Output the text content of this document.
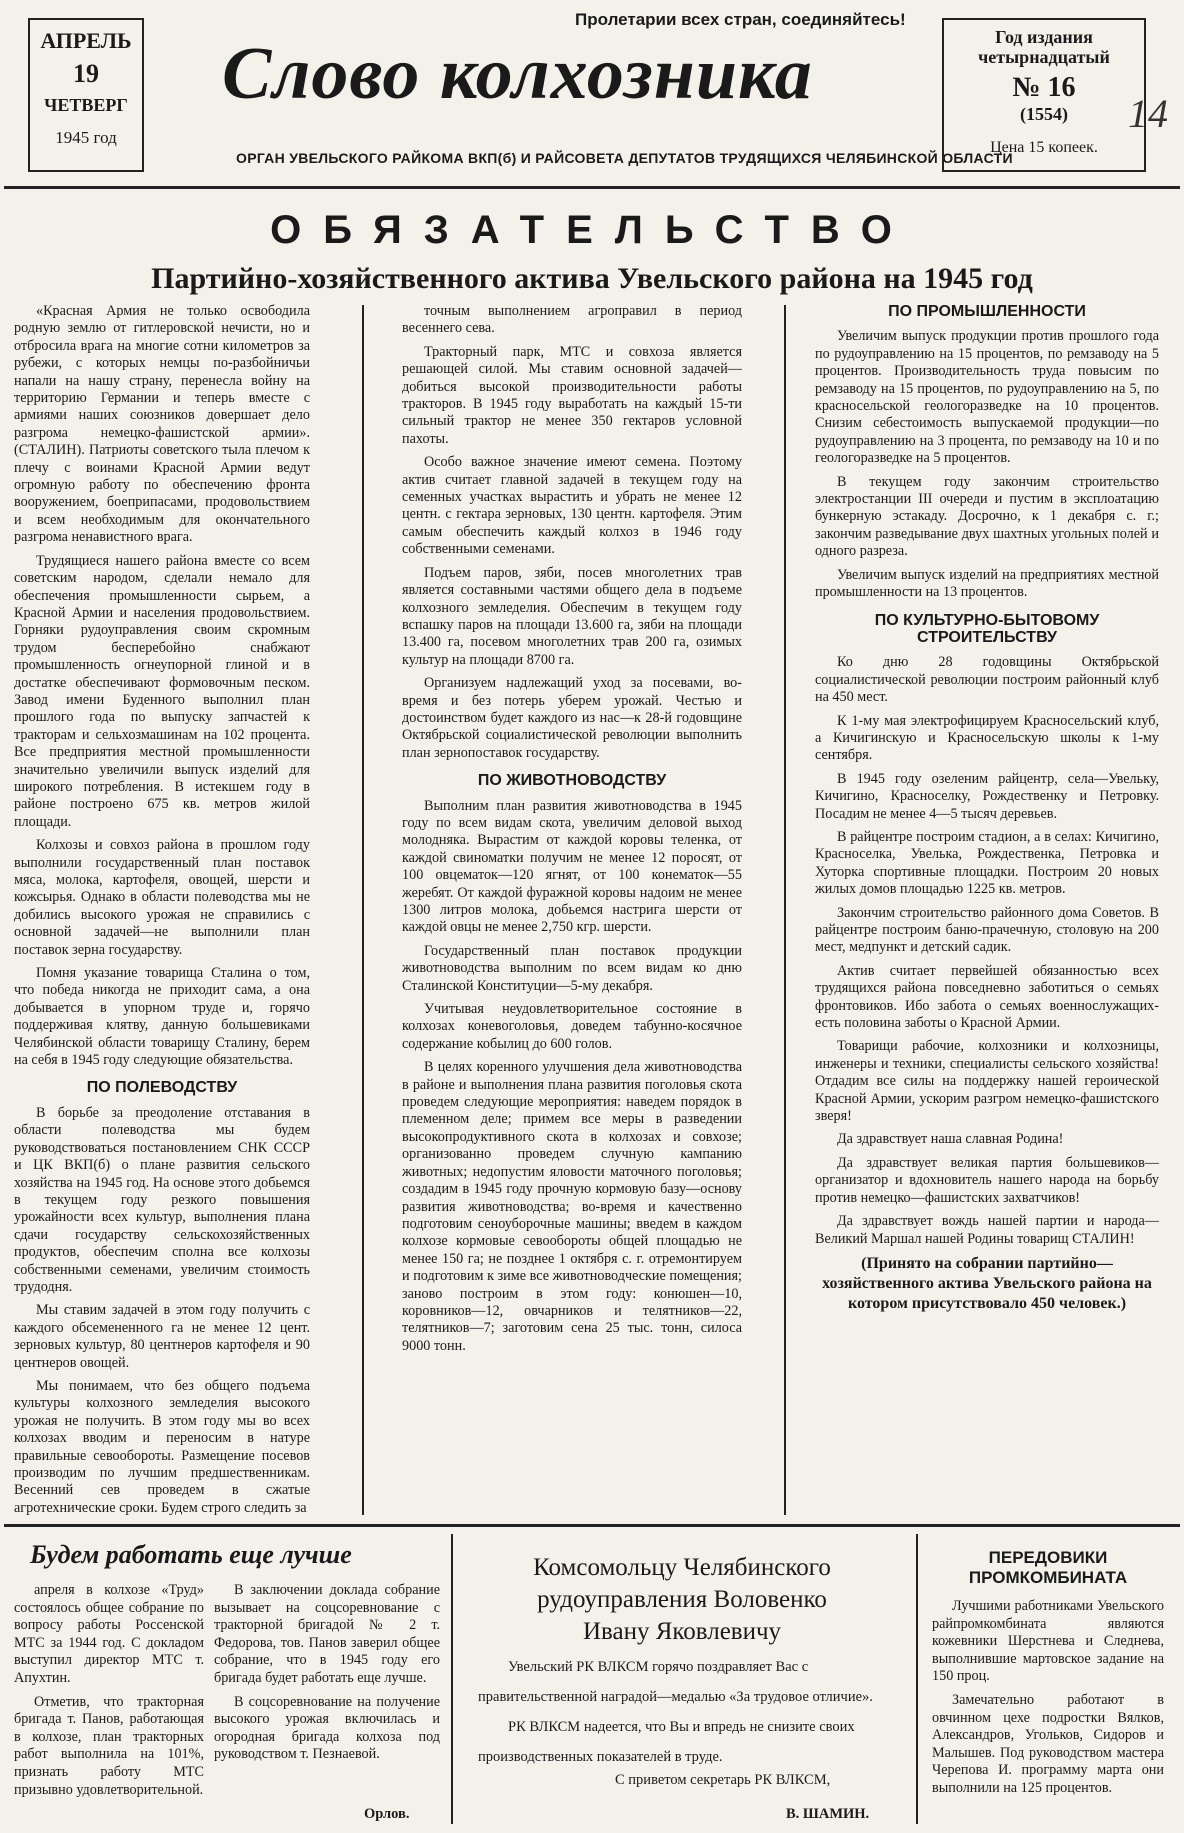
АПРЕЛЬ
19
ЧЕТВЕРГ
1945 год
Пролетарии всех стран, соединяйтесь!
Слово колхозника
ОРГАН УВЕЛЬСКОГО РАЙКОМА ВКП(б) И РАЙСОВЕТА ДЕПУТАТОВ ТРУДЯЩИХСЯ ЧЕЛЯБИНСКОЙ ОБЛАСТИ
Год издания четырнадцатый
№ 16
(1554)
Цена 15 копеек.
14
ОБЯЗАТЕЛЬСТВО
Партийно-хозяйственного актива Увельского района на 1945 год

«Красная Армия не только освободила родную землю от гитлеровской нечисти, но и отбросила врага на многие сотни километров за рубежи, с которых немцы по-разбойничьи напали на нашу страну, перенесла войну на территорию Германии и теперь вместе с армиями наших союзников довершает дело разгрома немецко-фашистской армии». (СТАЛИН). Патриоты советского тыла плечом к плечу с воинами Красной Армии ведут огромную работу по обеспечению фронта вооружением, боеприпасами, продовольствием и всем необходимым для окончательного разгрома ненавистного врага.

Трудящиеся нашего района вместе со всем советским народом, сделали немало для обеспечения промышленности сырьем, а Красной Армии и населения продовольствием. Горняки рудоуправления своим скромным трудом бесперебойно снабжают промышленность огнеупорной глиной и в достатке обеспечивают формовочным песком. Завод имени Буденного выполнил план прошлого года по выпуску запчастей к тракторам и сельхозмашинам на 102 процента. Все предприятия местной промышленности значительно увеличили выпуск изделий для широкого потребления. В истекшем году в районе построено 675 кв. метров жилой площади.

Колхозы и совхоз района в прошлом году выполнили государственный план поставок мяса, молока, картофеля, овощей, шерсти и кожсырья. Однако в области полеводства мы не добились высокого урожая не справились с основной задачей—не выполнили план поставок зерна государству.

Помня указание товарища Сталина о том, что победа никогда не приходит сама, а она добывается в упорном труде и, горячо поддерживая клятву, данную большевиками Челябинской области товарищу Сталину, берем на себя в 1945 году следующие обязательства.

ПО ПОЛЕВОДСТВУ

В борьбе за преодоление отставания в области полеводства мы будем руководствоваться постановлением СНК СССР и ЦК ВКП(б) о плане развития сельского хозяйства на 1945 год. На основе этого добьемся в текущем году резкого повышения урожайности всех культур, выполнения плана сдачи государству сельскохозяйственных продуктов, обеспечим сполна все колхозы собственными семенами, увеличим стоимость трудодня.

Мы ставим задачей в этом году получить с каждого обсемененного га не менее 12 цент. зерновых культур, 80 центнеров картофеля и 90 центнеров овощей.

Мы понимаем, что без общего подъема культуры колхозного земледелия высокого урожая не получить. В этом году мы во всех колхозах вводим и переносим в натуре правильные севообороты. Размещение посевов производим по лучшим предшественникам. Весенний сев проведем в сжатые агротехнические сроки. Будем строго следить за

точным выполнением агроправил в период весеннего сева.

Тракторный парк, МТС и совхоза является решающей силой. Мы ставим основной задачей—добиться высокой производительности работы тракторов. В 1945 году выработать на каждый 15-ти сильный трактор не менее 350 гектаров условной пахоты.

Особо важное значение имеют семена. Поэтому актив считает главной задачей в текущем году на семенных участках вырастить и убрать не менее 12 центн. с гектара зерновых, 130 центн. картофеля. Этим самым обеспечить каждый колхоз в 1946 году собственными семенами.

Подъем паров, зяби, посев многолетних трав является составными частями общего дела в подъеме колхозного земледелия. Обеспечим в текущем году вспашку паров на площади 13.600 га, зяби на площади 13.400 га, посевом многолетних трав 200 га, озимых культур на площади 8700 га.

Организуем надлежащий уход за посевами, во-время и без потерь уберем урожай. Честью и достоинством будет каждого из нас—к 28-й годовщине Октябрьской социалистической революции выполнить план зернопоставок государству.

ПО ЖИВОТНОВОДСТВУ

Выполним план развития животноводства в 1945 году по всем видам скота, увеличим деловой выход молодняка. Вырастим от каждой коровы теленка, от каждой свиноматки получим не менее 12 поросят, от 100 овцематок—120 ягнят, от 100 конематок—55 жеребят. От каждой фуражной коровы надоим не менее 1300 литров молока, добьемся настрига шерсти от каждой овцы не менее 2,750 кгр. шерсти.

Государственный план поставок продукции животноводства выполним по всем видам ко дню Сталинской Конституции—5-му декабря.

Учитывая неудовлетворительное состояние в колхозах коневоголовья, доведем табунно-косячное содержание кобылиц до 600 голов.

В целях коренного улучшения дела животноводства в районе и выполнения плана развития поголовья скота проведем следующие мероприятия: наведем порядок в племенном деле; примем все меры в разведении высокопродуктивного скота в колхозах и совхозе; организованно проведем случную кампанию животных; недопустим яловости маточного поголовья; создадим в 1945 году прочную кормовую базу—основу развития животноводства; во-время и качественно подготовим сеноуборочные машины; введем в каждом колхозе кормовые севообороты общей площадью не менее 150 га; не позднее 1 октября с. г. отремонтируем и подготовим к зиме все животноводческие помещения; заново построим в этом году: конюшен—10, коровников—12, овчарников и телятников—22, телятников—7; заготовим сена 25 тыс. тонн, силоса 9000 тонн.

ПО ПРОМЫШЛЕННОСТИ

Увеличим выпуск продукции против прошлого года по рудоуправлению на 15 процентов, по ремзаводу на 5 процентов. Производительность труда повысим по ремзаводу на 15 процентов, по рудоуправлению на 5, по красносельской геологоразведке на 10 процентов. Снизим себестоимость выпускаемой продукции—по рудоуправлению на 3 процента, по ремзаводу на 10 и по геологоразведке на 5 процентов.

В текущем году закончим строительство электростанции III очереди и пустим в эксплоатацию бункерную эстакаду. Досрочно, к 1 декабря с. г.; закончим разведывание двух шахтных угольных полей и одного разреза.

Увеличим выпуск изделий на предприятиях местной промышленности на 13 процентов.

ПО КУЛЬТУРНО-БЫТОВОМУ СТРОИТЕЛЬСТВУ

Ко дню 28 годовщины Октябрьской социалистической революции построим районный клуб на 450 мест.

К 1-му мая электрофицируем Красносельский клуб, а Кичигинскую и Красносельскую школы к 1-му сентября.

В 1945 году озеленим райцентр, села—Увельку, Кичигино, Красноселку, Рождественку и Петровку. Посадим не менее 4—5 тысяч деревьев.

В райцентре построим стадион, а в селах: Кичигино, Красноселка, Увелька, Рождественка, Петровка и Хуторка спортивные площадки. Построим 20 новых жилых домов площадью 1225 кв. метров.

Закончим строительство районного дома Советов. В райцентре построим баню-прачечную, столовую на 200 мест, медпункт и детский садик.

Актив считает первейшей обязанностью всех трудящихся района повседневно заботиться о семьях фронтовиков. Ибо забота о семьях военнослужащих-есть половина заботы о Красной Армии.

Товарищи рабочие, колхозники и колхозницы, инженеры и техники, специалисты сельского хозяйства! Отдадим все силы на поддержку нашей героической Красной Армии, ускорим разгром немецко-фашистского зверя!

Да здравствует наша славная Родина!

Да здравствует великая партия большевиков—организатор и вдохновитель нашего народа на борьбу против немецко—фашистских захватчиков!

Да здравствует вождь нашей партии и народа—Великий Маршал нашей Родины товарищ СТАЛИН!

(Принято на собрании партийно—хозяйственного актива Увельского района на котором присутствовало 450 человек.)
Будем работать еще лучше

апреля в колхозе «Труд» состоялось общее собрание по вопросу работы Россенской МТС за 1944 год. С докладом выступил директор МТС т. Апухтин.

Отметив, что тракторная бригада т. Панов, работающая в колхозе, план тракторных работ выполнила на 101%, признать работу МТС призывно удовлетворительной.

В заключении доклада собрание вызывает на соцсоревнование с тракторной бригадой № 2 т. Федорова, тов. Панов заверил общее собрание, что в 1945 году его бригада будет работать еще лучше.

В соцсоревнование на получение высокого урожая включилась и огородная бригада колхоза под руководством т. Пезнаевой.

Орлов.
Комсомольцу Челябинского
рудоуправления Воловенко
Ивану Яковлевичу

Увельский РК ВЛКСМ горячо поздравляет Вас с правительственной наградой—медалью «За трудовое отличие».

РК ВЛКСМ надеется, что Вы и впредь не снизите своих производственных показателей в труде.

С приветом секретарь РК ВЛКСМ,
В. ШАМИН.
ПЕРЕДОВИКИ
ПРОМКОМБИНАТА

Лучшими работниками Увельского райпромкомбината являются кожевники Шерстнева и Следнева, выполнившие мартовское задание на 150 проц.

Замечательно работают в овчинном цехе подростки Вялков, Александров, Угольков, Сидоров и Малышев. Под руководством мастера Черепова И. программу марта они выполнили на 125 процентов.
